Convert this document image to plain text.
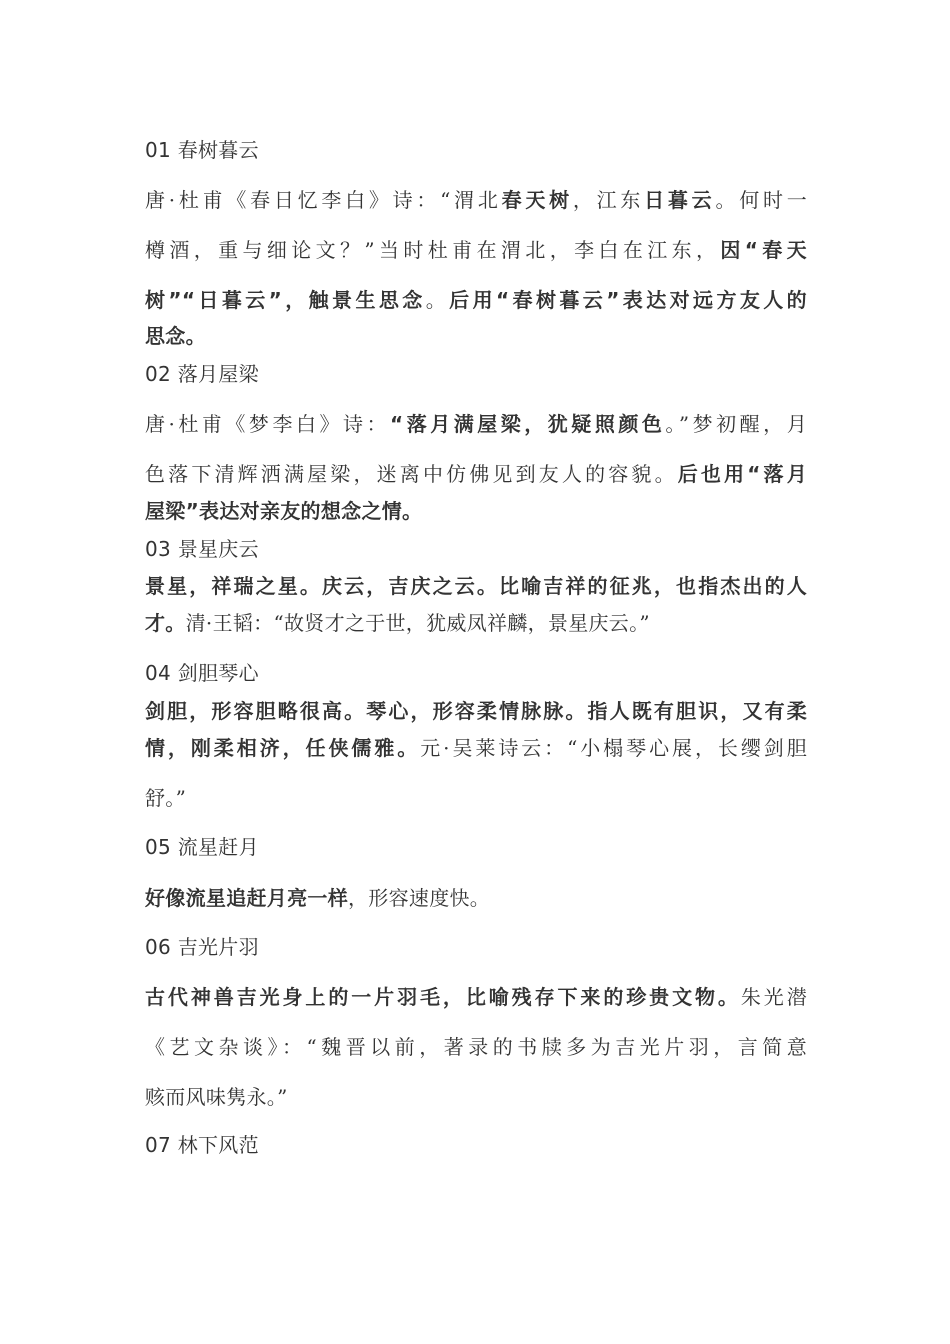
01 春树暮云
唐·杜甫《春日忆李白》诗：“渭北春天树，江东日暮云。何时一
樽酒，重与细论文？”当时杜甫在渭北，李白在江东，因“春天
树”“日暮云”，触景生思念。后用“春树暮云”表达对远方友人的
思念。
02 落月屋梁
唐·杜甫《梦李白》诗：“落月满屋梁，犹疑照颜色。”梦初醒，月
色落下清辉洒满屋梁，迷离中仿佛见到友人的容貌。后也用“落月
屋梁”表达对亲友的想念之情。
03 景星庆云
景星，祥瑞之星。庆云，吉庆之云。比喻吉祥的征兆，也指杰出的人
才。清·王韬：“故贤才之于世，犹威凤祥麟，景星庆云。”
04 剑胆琴心
剑胆，形容胆略很高。琴心，形容柔情脉脉。指人既有胆识，又有柔
情，刚柔相济，任侠儒雅。元·吴莱诗云：“小榻琴心展，长缨剑胆
舒。”
05 流星赶月
好像流星追赶月亮一样，形容速度快。
06 吉光片羽
古代神兽吉光身上的一片羽毛，比喻残存下来的珍贵文物。朱光潜
《艺文杂谈》：“魏晋以前，著录的书牍多为吉光片羽，言简意
赅而风味隽永。”
07 林下风范
